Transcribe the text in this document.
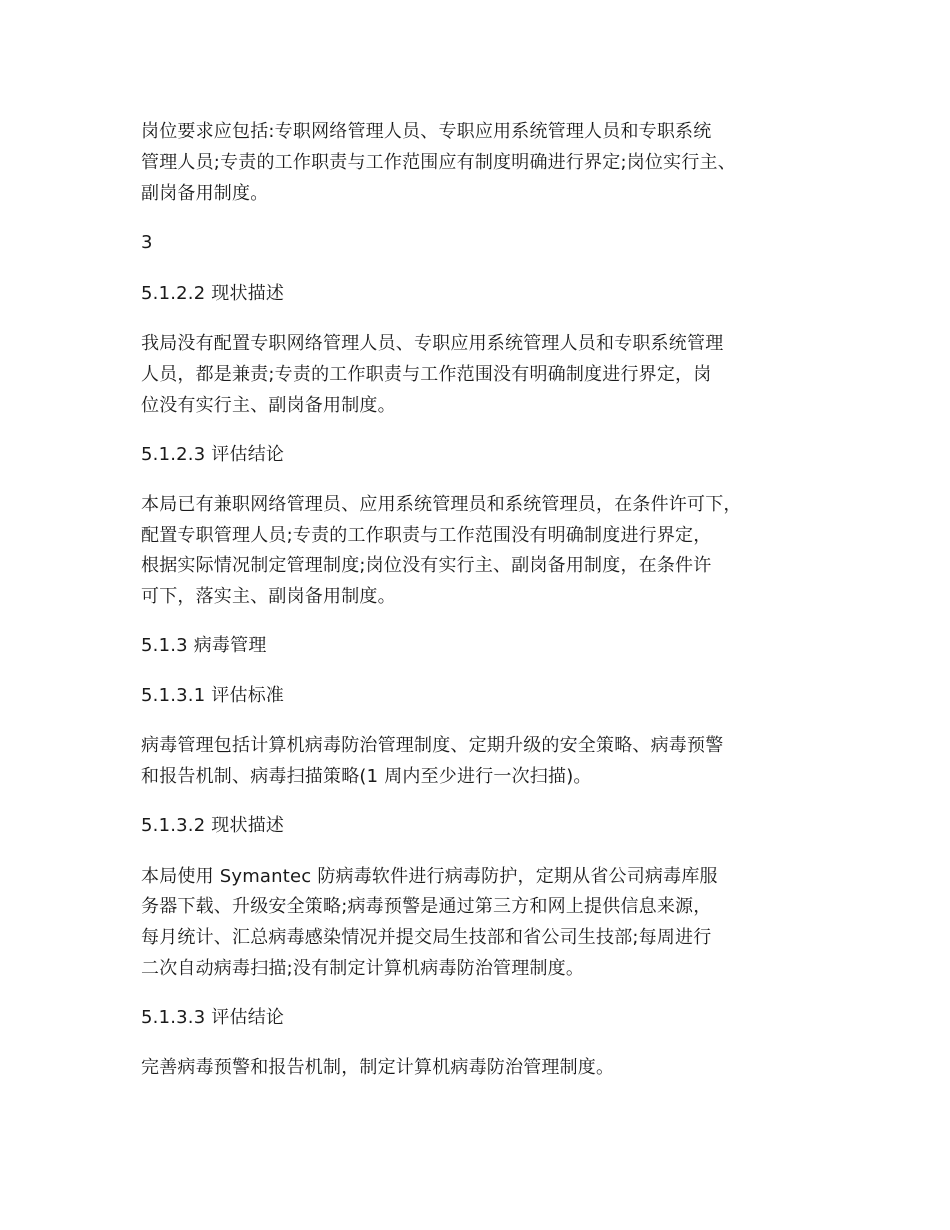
岗位要求应包括:专职网络管理人员、专职应用系统管理人员和专职系统
管理人员;专责的工作职责与工作范围应有制度明确进行界定;岗位实行主、
副岗备用制度。
3
5.1.2.2 现状描述
我局没有配置专职网络管理人员、专职应用系统管理人员和专职系统管理
人员，都是兼责;专责的工作职责与工作范围没有明确制度进行界定，岗
位没有实行主、副岗备用制度。
5.1.2.3 评估结论
本局已有兼职网络管理员、应用系统管理员和系统管理员，在条件许可下，
配置专职管理人员;专责的工作职责与工作范围没有明确制度进行界定，
根据实际情况制定管理制度;岗位没有实行主、副岗备用制度，在条件许
可下，落实主、副岗备用制度。
5.1.3 病毒管理
5.1.3.1 评估标准
病毒管理包括计算机病毒防治管理制度、定期升级的安全策略、病毒预警
和报告机制、病毒扫描策略(1 周内至少进行一次扫描)。
5.1.3.2 现状描述
本局使用 Symantec 防病毒软件进行病毒防护，定期从省公司病毒库服
务器下载、升级安全策略;病毒预警是通过第三方和网上提供信息来源，
每月统计、汇总病毒感染情况并提交局生技部和省公司生技部;每周进行
二次自动病毒扫描;没有制定计算机病毒防治管理制度。
5.1.3.3 评估结论
完善病毒预警和报告机制，制定计算机病毒防治管理制度。
